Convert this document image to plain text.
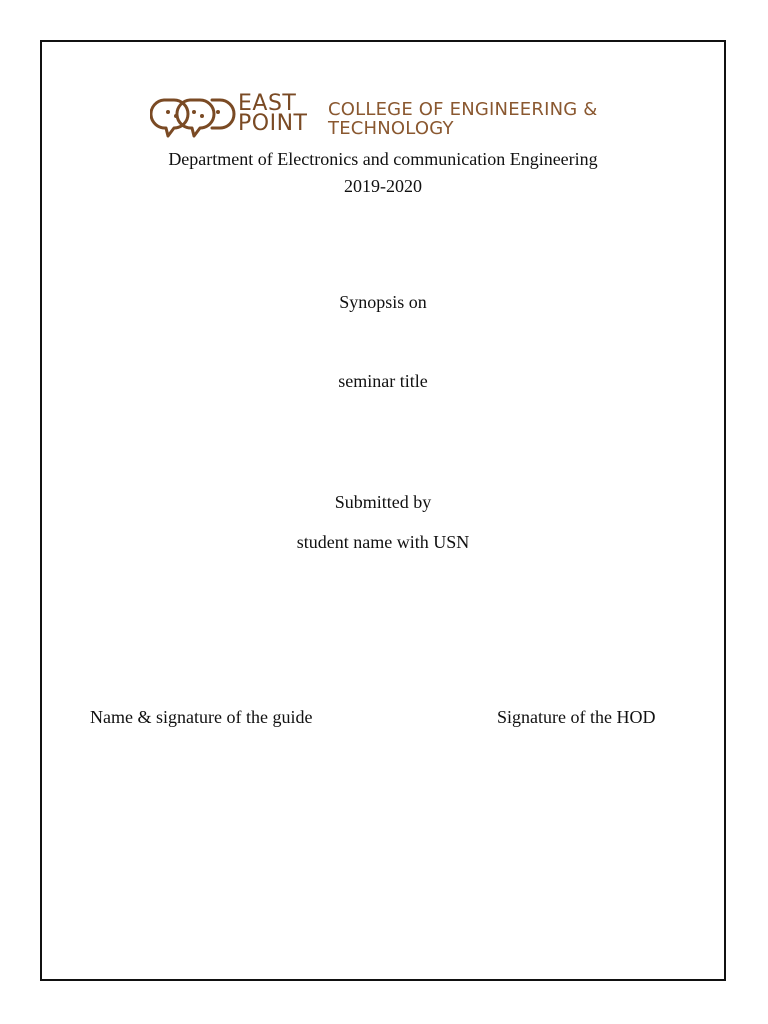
EAST
POINT
COLLEGE OF ENGINEERING &
TECHNOLOGY
Department of Electronics and communication Engineering
2019-2020
Synopsis on
seminar title
Submitted by
student name with USN
Name & signature of the guide	Signature of the HOD
